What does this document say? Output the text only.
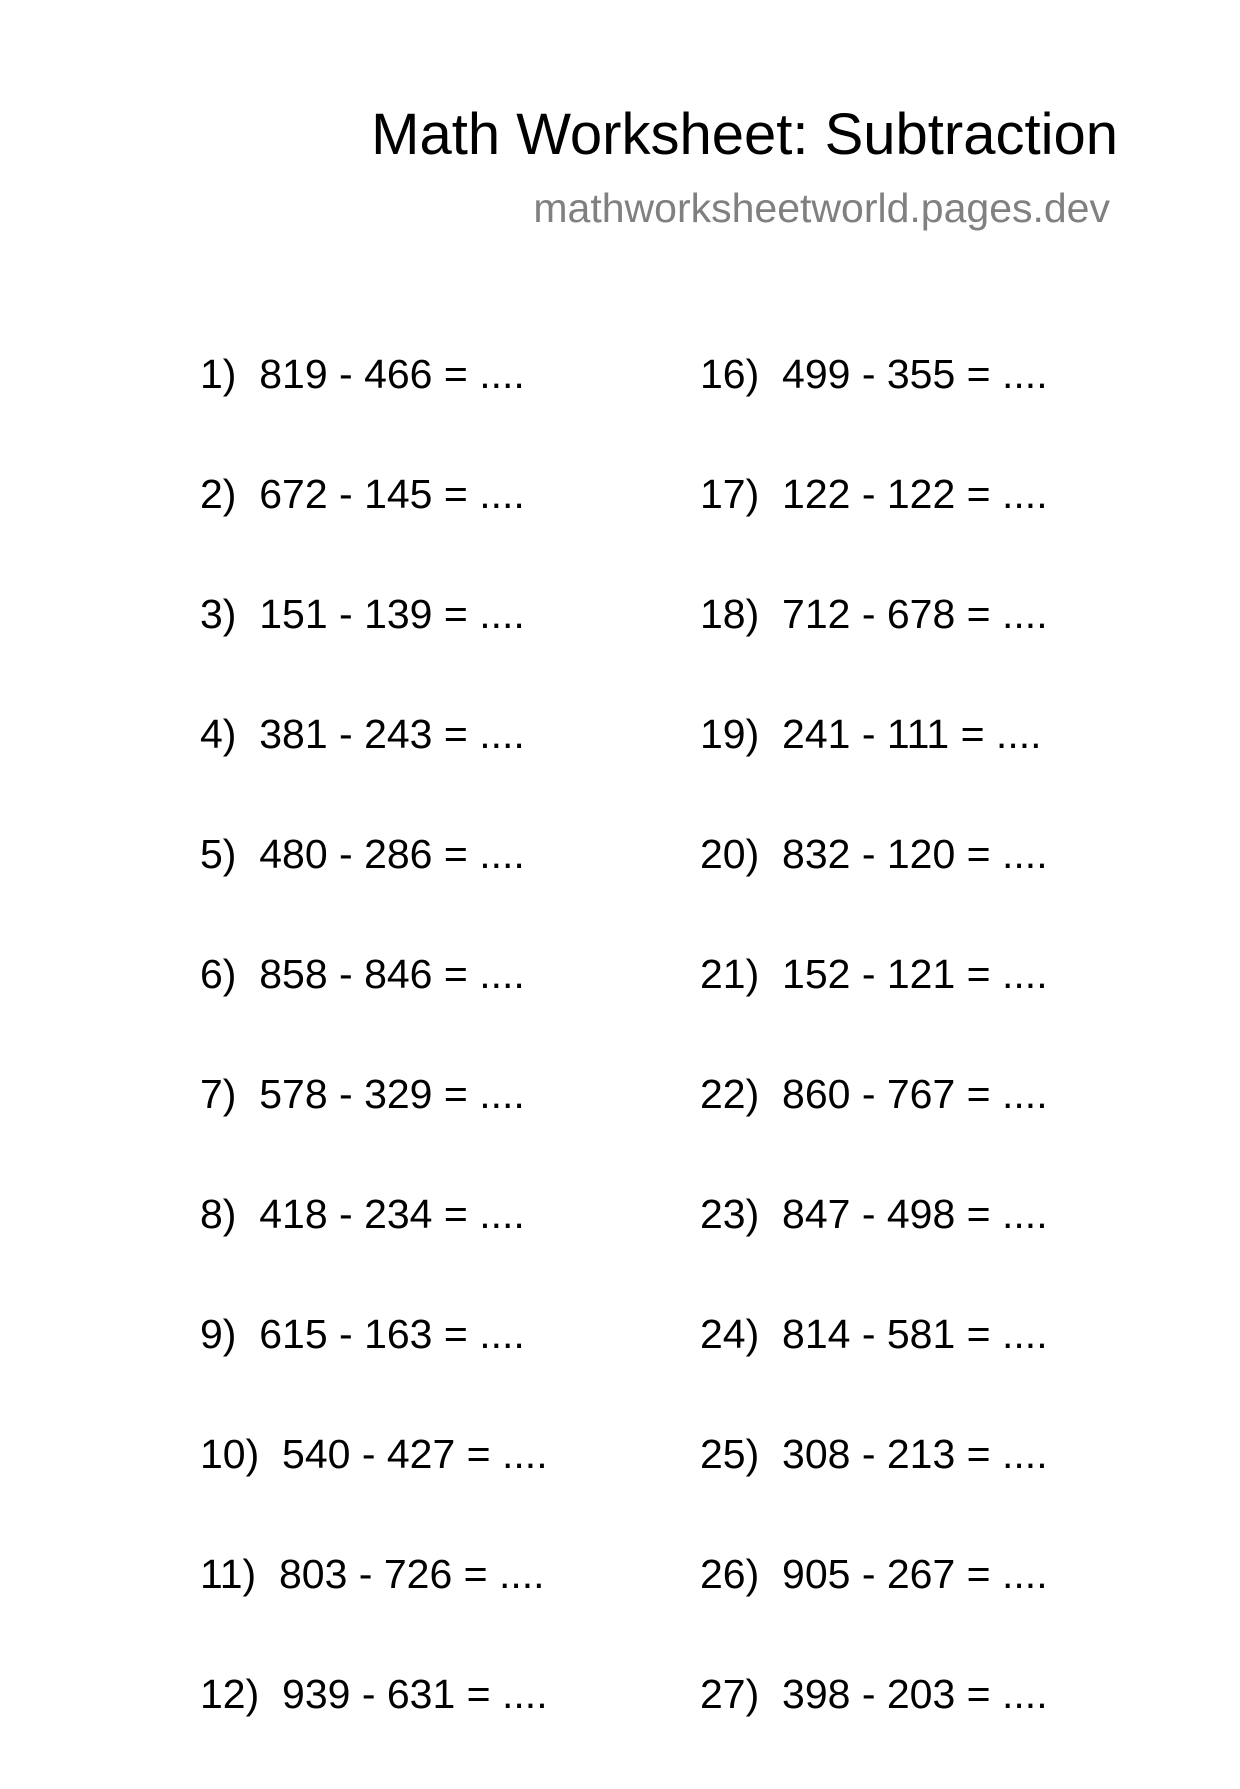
Math Worksheet: Subtraction
mathworksheetworld.pages.dev
1)  819 - 466 = ....
2)  672 - 145 = ....
3)  151 - 139 = ....
4)  381 - 243 = ....
5)  480 - 286 = ....
6)  858 - 846 = ....
7)  578 - 329 = ....
8)  418 - 234 = ....
9)  615 - 163 = ....
10)  540 - 427 = ....
11)  803 - 726 = ....
12)  939 - 631 = ....
16)  499 - 355 = ....
17)  122 - 122 = ....
18)  712 - 678 = ....
19)  241 - 111 = ....
20)  832 - 120 = ....
21)  152 - 121 = ....
22)  860 - 767 = ....
23)  847 - 498 = ....
24)  814 - 581 = ....
25)  308 - 213 = ....
26)  905 - 267 = ....
27)  398 - 203 = ....
